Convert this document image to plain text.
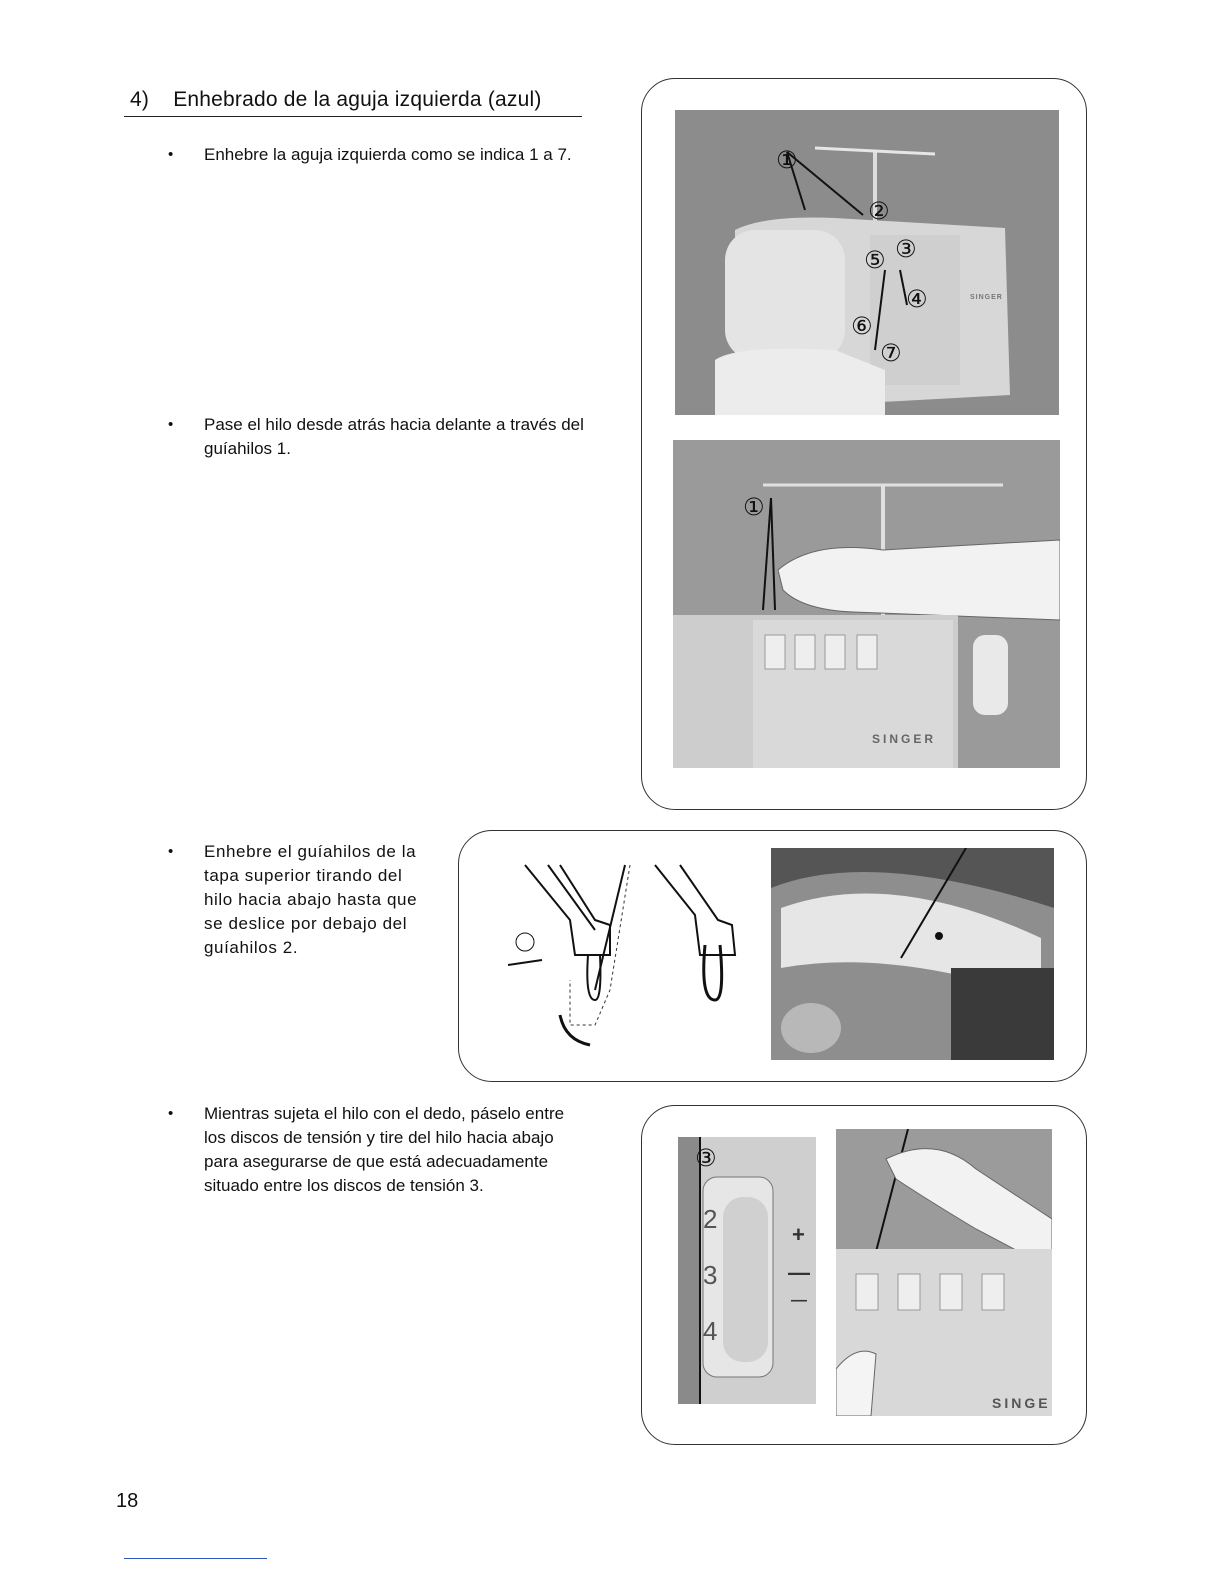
4)    Enhebrado de la aguja izquierda (azul)
• Enhebre la aguja izquierda como se indica 1 a 7.
• Pase el hilo desde atrás hacia delante a través del
guíahilos 1.
• Enhebre el guíahilos de la
tapa superior tirando del
hilo hacia abajo hasta que
se deslice por debajo del
guíahilos 2.
• Mientras sujeta el hilo con el dedo, páselo entre
los discos de tensión y tire del hilo hacia abajo
para asegurarse de que está adecuadamente
situado entre los discos de tensión 3.
①
②
③
④
⑤
⑥
⑦
SINGER
①
SINGER
③
2
3
4
+
—
—
SINGE
18
